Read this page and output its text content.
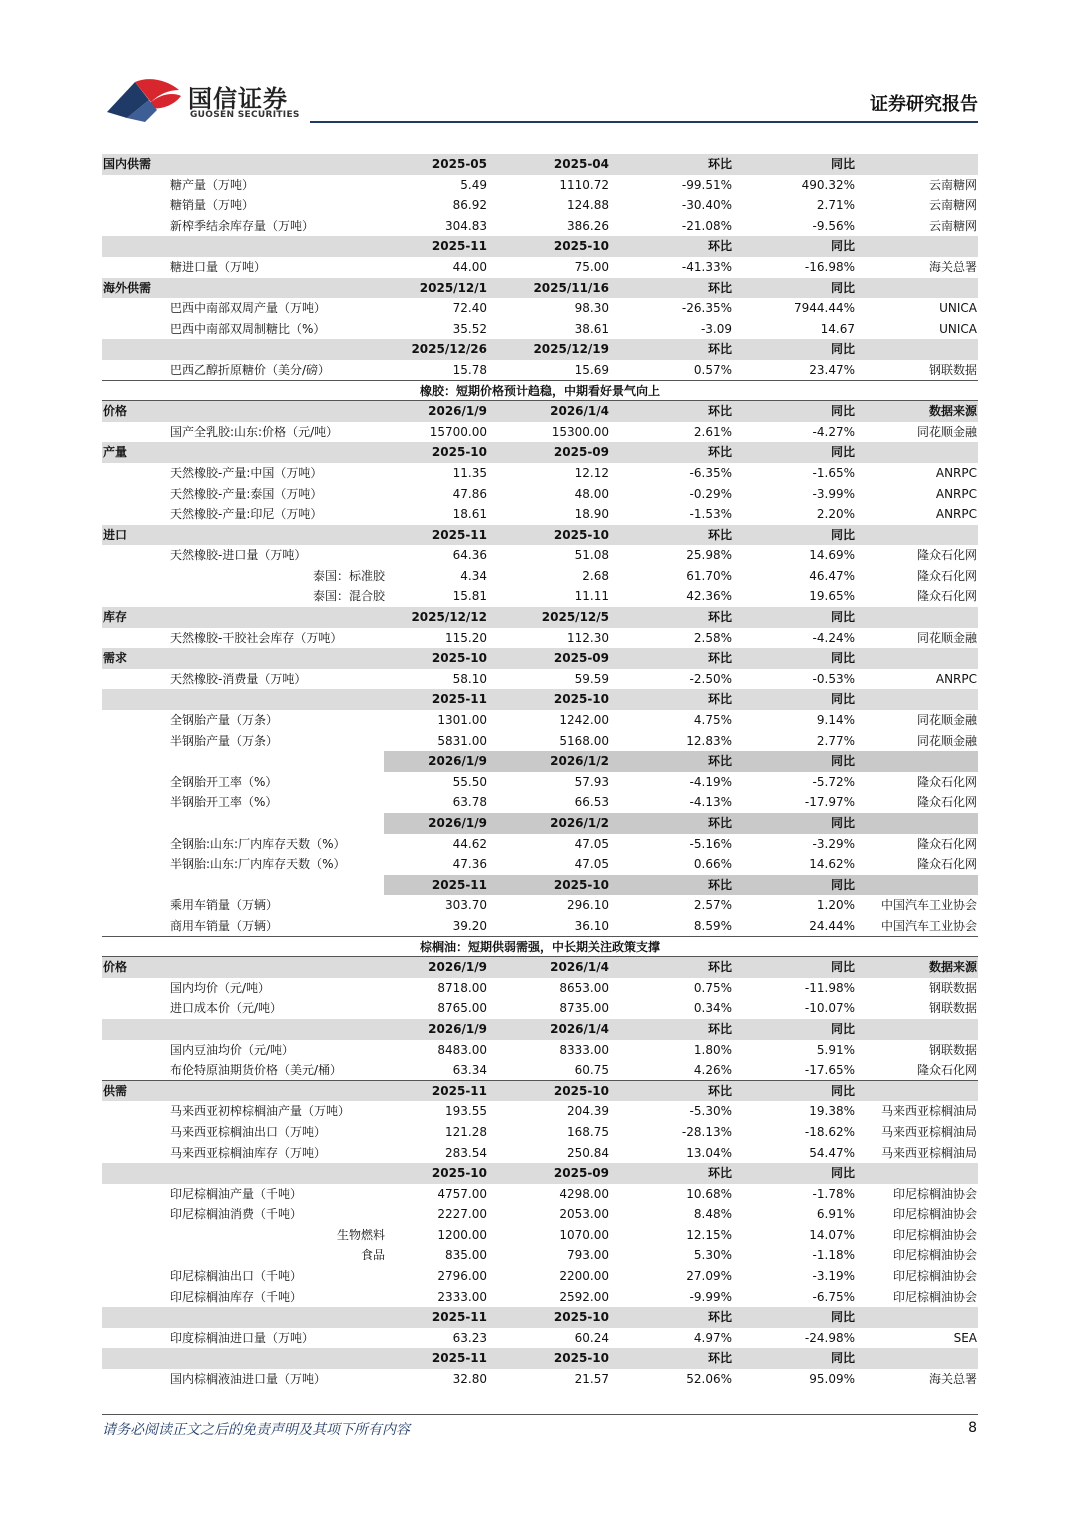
国信证券
GUOSEN SECURITIES	证券研究报告
国内供需	2025-05	2025-04	环比	同比
糖产量（万吨）	5.49	1110.72	-99.51%	490.32%	云南糖网
糖销量（万吨）	86.92	124.88	-30.40%	2.71%	云南糖网
新榨季结余库存量（万吨）	304.83	386.26	-21.08%	-9.56%	云南糖网
2025-11	2025-10	环比	同比
糖进口量（万吨）	44.00	75.00	-41.33%	-16.98%	海关总署
海外供需	2025/12/1	2025/11/16	环比	同比
巴西中南部双周产量（万吨）	72.40	98.30	-26.35%	7944.44%	UNICA
巴西中南部双周制糖比（%）	35.52	38.61	-3.09	14.67	UNICA
2025/12/26	2025/12/19	环比	同比
巴西乙醇折原糖价（美分/磅）	15.78	15.69	0.57%	23.47%	钢联数据
橡胶：短期价格预计趋稳，中期看好景气向上
价格	2026/1/9	2026/1/4	环比	同比	数据来源
国产全乳胶:山东:价格（元/吨）	15700.00	15300.00	2.61%	-4.27%	同花顺金融
产量	2025-10	2025-09	环比	同比
天然橡胶-产量:中国（万吨）	11.35	12.12	-6.35%	-1.65%	ANRPC
天然橡胶-产量:泰国（万吨）	47.86	48.00	-0.29%	-3.99%	ANRPC
天然橡胶-产量:印尼（万吨）	18.61	18.90	-1.53%	2.20%	ANRPC
进口	2025-11	2025-10	环比	同比
天然橡胶-进口量（万吨）	64.36	51.08	25.98%	14.69%	隆众石化网
泰国：标准胶	4.34	2.68	61.70%	46.47%	隆众石化网
泰国：混合胶	15.81	11.11	42.36%	19.65%	隆众石化网
库存	2025/12/12	2025/12/5	环比	同比
天然橡胶-干胶社会库存（万吨）	115.20	112.30	2.58%	-4.24%	同花顺金融
需求	2025-10	2025-09	环比	同比
天然橡胶-消费量（万吨）	58.10	59.59	-2.50%	-0.53%	ANRPC
2025-11	2025-10	环比	同比
全钢胎产量（万条）	1301.00	1242.00	4.75%	9.14%	同花顺金融
半钢胎产量（万条）	5831.00	5168.00	12.83%	2.77%	同花顺金融
2026/1/9	2026/1/2	环比	同比
全钢胎开工率（%）	55.50	57.93	-4.19%	-5.72%	隆众石化网
半钢胎开工率（%）	63.78	66.53	-4.13%	-17.97%	隆众石化网
2026/1/9	2026/1/2	环比	同比
全钢胎:山东:厂内库存天数（%）	44.62	47.05	-5.16%	-3.29%	隆众石化网
半钢胎:山东:厂内库存天数（%）	47.36	47.05	0.66%	14.62%	隆众石化网
2025-11	2025-10	环比	同比
乘用车销量（万辆）	303.70	296.10	2.57%	1.20% 中国汽车工业协会
商用车销量（万辆）	39.20	36.10	8.59%	24.44% 中国汽车工业协会
棕榈油：短期供弱需强，中长期关注政策支撑
价格	2026/1/9	2026/1/4	环比	同比	数据来源
国内均价（元/吨）	8718.00	8653.00	0.75%	-11.98%	钢联数据
进口成本价（元/吨）	8765.00	8735.00	0.34%	-10.07%	钢联数据
2026/1/9	2026/1/4	环比	同比
国内豆油均价（元/吨）	8483.00	8333.00	1.80%	5.91%	钢联数据
布伦特原油期货价格（美元/桶）	63.34	60.75	4.26%	-17.65%	隆众石化网
供需	2025-11	2025-10	环比	同比
马来西亚初榨棕榈油产量（万吨）	193.55	204.39	-5.30%	19.38% 马来西亚棕榈油局
马来西亚棕榈油出口（万吨）	121.28	168.75	-28.13%	-18.62% 马来西亚棕榈油局
马来西亚棕榈油库存（万吨）	283.54	250.84	13.04%	54.47% 马来西亚棕榈油局
2025-10	2025-09	环比	同比
印尼棕榈油产量（千吨）	4757.00	4298.00	10.68%	-1.78%	印尼棕榈油协会
印尼棕榈油消费（千吨）	2227.00	2053.00	8.48%	6.91%	印尼棕榈油协会
生物燃料	1200.00	1070.00	12.15%	14.07%	印尼棕榈油协会
食品	835.00	793.00	5.30%	-1.18%	印尼棕榈油协会
印尼棕榈油出口（千吨）	2796.00	2200.00	27.09%	-3.19%	印尼棕榈油协会
印尼棕榈油库存（千吨）	2333.00	2592.00	-9.99%	-6.75%	印尼棕榈油协会
2025-11	2025-10	环比	同比
印度棕榈油进口量（万吨）	63.23	60.24	4.97%	-24.98%	SEA
2025-11	2025-10	环比	同比
国内棕榈液油进口量（万吨）	32.80	21.57	52.06%	95.09%	海关总署
请务必阅读正文之后的免责声明及其项下所有内容	8
